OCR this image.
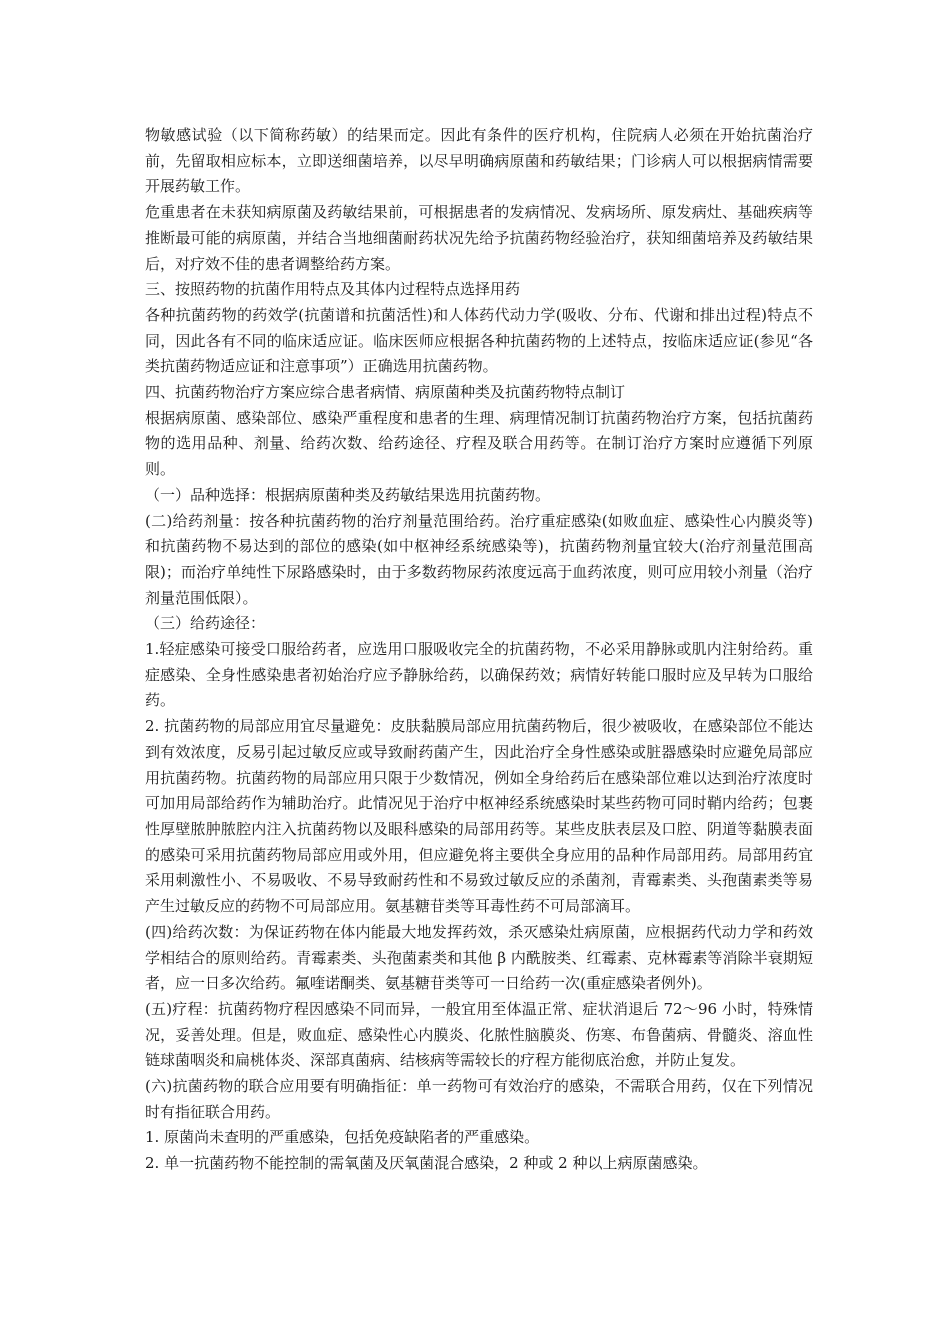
物敏感试验（以下简称药敏）的结果而定。因此有条件的医疗机构，住院病人必须在开始抗菌治疗前，先留取相应标本，立即送细菌培养，以尽早明确病原菌和药敏结果；门诊病人可以根据病情需要开展药敏工作。

危重患者在未获知病原菌及药敏结果前，可根据患者的发病情况、发病场所、原发病灶、基础疾病等推断最可能的病原菌，并结合当地细菌耐药状况先给予抗菌药物经验治疗，获知细菌培养及药敏结果后，对疗效不佳的患者调整给药方案。

三、按照药物的抗菌作用特点及其体内过程特点选择用药

各种抗菌药物的药效学(抗菌谱和抗菌活性)和人体药代动力学(吸收、分布、代谢和排出过程)特点不同，因此各有不同的临床适应证。临床医师应根据各种抗菌药物的上述特点，按临床适应证(参见“各类抗菌药物适应证和注意事项”）正确选用抗菌药物。

四、抗菌药物治疗方案应综合患者病情、病原菌种类及抗菌药物特点制订

根据病原菌、感染部位、感染严重程度和患者的生理、病理情况制订抗菌药物治疗方案，包括抗菌药物的选用品种、剂量、给药次数、给药途径、疗程及联合用药等。在制订治疗方案时应遵循下列原则。

（一）品种选择：根据病原菌种类及药敏结果选用抗菌药物。

(二)给药剂量：按各种抗菌药物的治疗剂量范围给药。治疗重症感染(如败血症、感染性心内膜炎等)和抗菌药物不易达到的部位的感染(如中枢神经系统感染等)，抗菌药物剂量宜较大(治疗剂量范围高限)；而治疗单纯性下尿路感染时，由于多数药物尿药浓度远高于血药浓度，则可应用较小剂量（治疗剂量范围低限）。

（三）给药途径：

1.轻症感染可接受口服给药者，应选用口服吸收完全的抗菌药物，不必采用静脉或肌内注射给药。重症感染、全身性感染患者初始治疗应予静脉给药，以确保药效；病情好转能口服时应及早转为口服给药。

2. 抗菌药物的局部应用宜尽量避免：皮肤黏膜局部应用抗菌药物后，很少被吸收，在感染部位不能达到有效浓度，反易引起过敏反应或导致耐药菌产生，因此治疗全身性感染或脏器感染时应避免局部应用抗菌药物。抗菌药物的局部应用只限于少数情况，例如全身给药后在感染部位难以达到治疗浓度时可加用局部给药作为辅助治疗。此情况见于治疗中枢神经系统感染时某些药物可同时鞘内给药；包裹性厚壁脓肿脓腔内注入抗菌药物以及眼科感染的局部用药等。某些皮肤表层及口腔、阴道等黏膜表面的感染可采用抗菌药物局部应用或外用，但应避免将主要供全身应用的品种作局部用药。局部用药宜采用刺激性小、不易吸收、不易导致耐药性和不易致过敏反应的杀菌剂，青霉素类、头孢菌素类等易产生过敏反应的药物不可局部应用。氨基糖苷类等耳毒性药不可局部滴耳。

(四)给药次数：为保证药物在体内能最大地发挥药效，杀灭感染灶病原菌，应根据药代动力学和药效学相结合的原则给药。青霉素类、头孢菌素类和其他 β 内酰胺类、红霉素、克林霉素等消除半衰期短者，应一日多次给药。氟喹诺酮类、氨基糖苷类等可一日给药一次(重症感染者例外)。

(五)疗程：抗菌药物疗程因感染不同而异，一般宜用至体温正常、症状消退后 72～96 小时，特殊情况，妥善处理。但是，败血症、感染性心内膜炎、化脓性脑膜炎、伤寒、布鲁菌病、骨髓炎、溶血性链球菌咽炎和扁桃体炎、深部真菌病、结核病等需较长的疗程方能彻底治愈，并防止复发。

(六)抗菌药物的联合应用要有明确指征：单一药物可有效治疗的感染，不需联合用药，仅在下列情况时有指征联合用药。

1. 原菌尚未查明的严重感染，包括免疫缺陷者的严重感染。

2. 单一抗菌药物不能控制的需氧菌及厌氧菌混合感染，2 种或 2 种以上病原菌感染。
